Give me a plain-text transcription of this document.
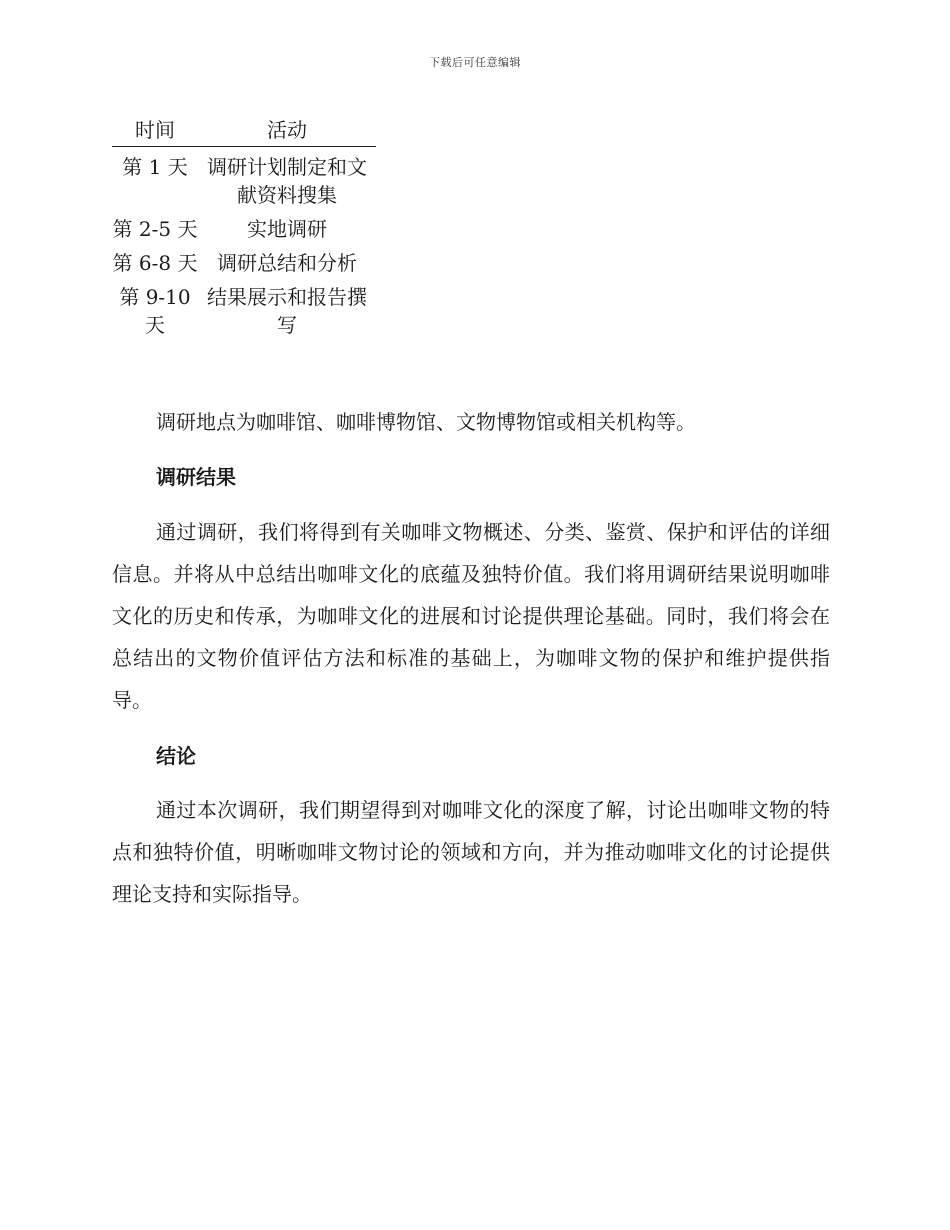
下载后可任意编辑
时间	活动
第 1 天	调研计划制定和文献资料搜集
第 2-5 天	实地调研
第 6-8 天	调研总结和分析
第 9-10 天	结果展示和报告撰写

调研地点为咖啡馆、咖啡博物馆、文物博物馆或相关机构等。

调研结果

通过调研，我们将得到有关咖啡文物概述、分类、鉴赏、保护和评估的详细信息。并将从中总结出咖啡文化的底蕴及独特价值。我们将用调研结果说明咖啡文化的历史和传承，为咖啡文化的进展和讨论提供理论基础。同时，我们将会在总结出的文物价值评估方法和标准的基础上，为咖啡文物的保护和维护提供指导。

结论

通过本次调研，我们期望得到对咖啡文化的深度了解，讨论出咖啡文物的特点和独特价值，明晰咖啡文物讨论的领域和方向，并为推动咖啡文化的讨论提供理论支持和实际指导。
